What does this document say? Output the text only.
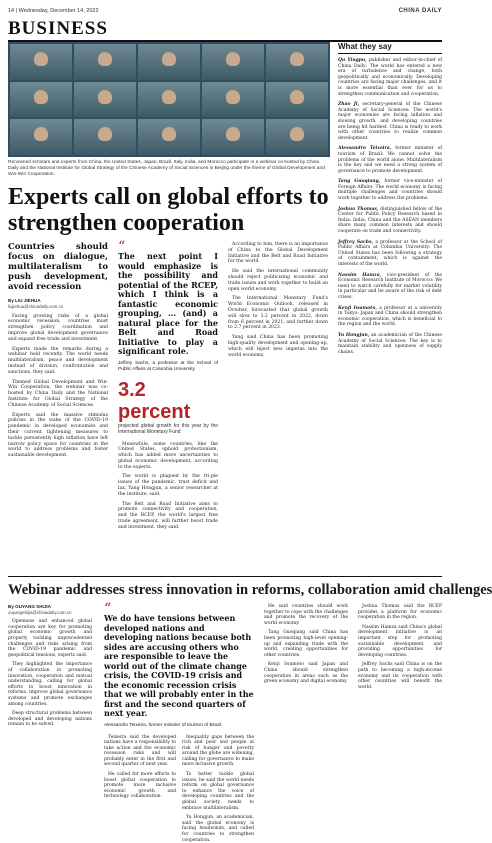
14 | Wednesday, December 14, 2022	CHINA DAILY
BUSINESS
Renowned scholars and experts from China, the United States, Japan, Brazil, Italy, India, and Morocco participate in a webinar co-hosted by China Daily and the National Institute for Global Strategy of the Chinese Academy of Social Sciences in Beijing under the theme of Global Development and Win-Win Cooperation.
Experts call on global efforts to strengthen cooperation
Countries should focus on dialogue, multilateralism to push development, avoid recession
By LIU JIEHUA
liujiehua@chinadaily.com.cn

Facing growing risks of a global economic recession, countries must strengthen policy coordination and improve global development governance and expand free trade and investment.

Experts made the remarks during a webinar held recently. The world needs multilateralism, peace and development instead of division, confrontation and sanctions, they said.

Themed Global Development and Win-Win Cooperation, the webinar was co-hosted by China Daily and the National Institute for Global Strategy of the Chinese Academy of Social Sciences.

Experts said the massive stimulus policies in the wake of the COVID-19 pandemic in developed economies and their current tightening measures to tackle persistently high inflation have left narrow policy space for countries in the world to address problems and foster sustainable development.

“
The next point I would emphasize is the possibility and potential of the RCEP, which I think is a fantastic economic grouping, … (and) a natural place for the Belt and Road Initiative to play a significant role.
Jeffrey Sachs, a professor at the School of Public Affairs at Columbia University
3.2 percent
projected global growth for this year by the International Monetary Fund

Meanwhile, some countries, like the United States, uphold protectionism, which has added more uncertainties to global economic development, according to the experts.

The world is plagued by the tri-ple issues of the pandemic, trust deficit and lax, Yang Hongjun, a senior researcher at the institute, said.

The Belt and Road Initiative aims to promote connectivity and cooperation, and the RCEP, the world's largest free trade agreement, will further boost trade and investment, they said.

According to him, there is an importance of China to the Global Development Initiative and the Belt and Road Initiative for the world.

He said the international community should reject politicizing economic and trade issues and work together to build an open world economy.

The International Monetary Fund's World Economic Outlook, released in October, forecasted that global growth will slow to 3.2 percent in 2022, down from 6 percent in 2021, and further down to 2.7 percent in 2023.

Yang said China has been promoting high-quality development and opening-up, which will inject new impetus into the world economy.

What they say
Qu Yingpu, publisher and editor-in-chief of China Daily: The world has entered a new era of turbulence and change, both geopolitically and economically. Developing countries are facing major challenges, and it is more essential than ever for us to strengthen communication and cooperation.
Zhao Ji, secretary-general of the Chinese Academy of Social Sciences: The world's major economies are facing inflation and slowing growth, and developing countries are being hit hardest. China is ready to work with other countries to realize common development.
Alessandro Teixeira, former minister of tourism of Brazil: We cannot solve the problems of the world alone. Multilateralism is the key and we need a strong system of governance to promote development.
Tang Guoqiang, former vice-minister of Foreign Affairs: The world economy is facing multiple challenges and countries should work together to address the problems.
Joshua Thomas, distinguished fellow of the Center for Public Policy Research based in India: India, China and the ASEAN members share many common interests and should cooperate on trade and connectivity.
Jeffrey Sachs, a professor at the School of Public Affairs at Columbia University: The United States has been following a strategy of containment, which is against the interests of the world.
Nassim Hamza, vice-president of the Economic Research Institute of Morocco: We need to watch carefully for market volatility in particular and be aware of the risk of debt crises.
Kenji Iwamoto, a professor at a university in Tokyo: Japan and China should strengthen economic cooperation, which is beneficial to the region and the world.
Yu Hongjun, an academician of the Chinese Academy of Social Sciences: The key is to maintain stability and openness of supply chains.
Webinar addresses stress innovation in reforms, collaboration amid challenges
By OUYANG SHIJIA
ouyangshijia@chinadaily.com.cn

Openness and enhanced global cooperation are key for promoting global economic growth and properly tackling unprecedented challenges and risks arising from the COVID-19 pandemic and geopolitical tensions, experts said.

They highlighted the importance of collaboration in promoting innovation, cooperation and mutual understanding, calling for global efforts to boost innovation in reforms, improve global governance systems and promote exchanges among countries.

Deep structural problems between developed and developing nations remain to be solved.

“
We do have tensions between developed nations and developing nations because both sides are accusing others who are responsible to leave the world out of the climate change crisis, the COVID-19 crisis and the economic recession crisis that we will probably enter in the first and the second quarters of next year.
Alessandro Teixeira, former minister of tourism of Brazil

Teixeira said the developed nations have a responsibility to take action and the economic recession risks and will probably enter in the first and second quarter of next year.

He called for more efforts to boost global cooperation to promote more inclusive economic growth and technology collaboration.

Inequality gaps between the rich and poor and people at risk of hunger and poverty around the globe are widening, calling for governance to make more inclusive growth.

To better tackle global issues, he said the world needs reform on global governance to enhance the voice of developing countries and the global society needs to embrace multilateralism.

Yu Hongjun, an academician, said the global economy is facing headwinds, and called for countries to strengthen cooperation.

He said countries should work together to cope with the challenges and promote the recovery of the world economy.

Tang Guoqiang said China has been promoting high-level opening-up and expanding trade with the world, creating opportunities for other countries.

Kenji Iwamoto said Japan and China should strengthen cooperation in areas such as the green economy and digital economy.

Joshua Thomas said the RCEP provides a platform for economic cooperation in the region.

Nassim Hamza said China's global development initiative is an important step for promoting sustainable development and providing opportunities for developing countries.

Jeffrey Sachs said China is on the path to becoming a high-income economy and its cooperation with other countries will benefit the world.
